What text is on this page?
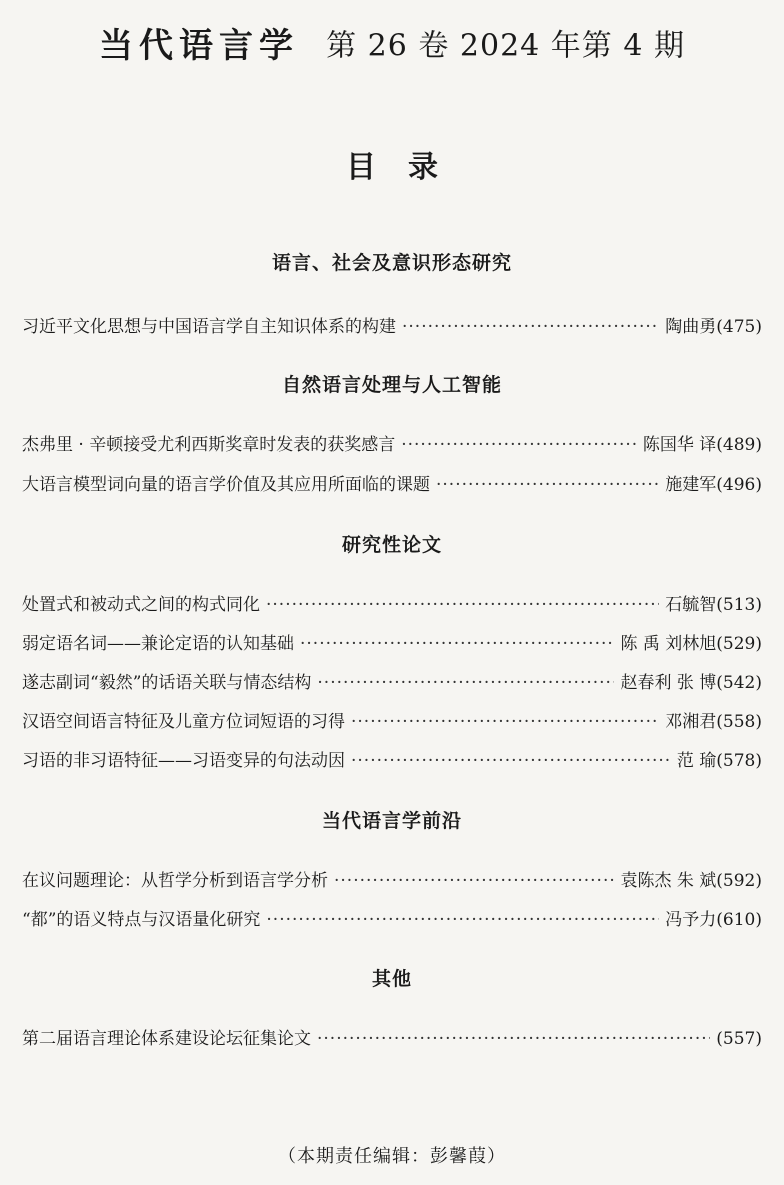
当代语言学 第 26 卷 2024 年第 4 期
目录
语言、社会及意识形态研究
习近平文化思想与中国语言学自主知识体系的构建 ·····	陶曲勇 (475)
自然语言处理与人工智能
杰弗里 · 辛顿接受尤利西斯奖章时发表的获奖感言 ·····	陈国华 译 (489)
大语言模型词向量的语言学价值及其应用所面临的课题 ·····	施建军 (496)
研究性论文
处置式和被动式之间的构式同化 ·····	石毓智 (513)
弱定语名词——兼论定语的认知基础 ·····	陈 禹 刘林旭 (529)
遂志副词“毅然”的话语关联与情态结构 ·····	赵春利 张 博 (542)
汉语空间语言特征及儿童方位词短语的习得 ·····	邓湘君 (558)
习语的非习语特征——习语变异的句法动因 ·····	范 瑜 (578)
当代语言学前沿
在议问题理论：从哲学分析到语言学分析 ·····	袁陈杰 朱 斌 (592)
“都”的语义特点与汉语量化研究 ·····	冯予力 (610)
其他
第二届语言理论体系建设论坛征集论文 ·····	(557)
（本期责任编辑：彭馨葭）
